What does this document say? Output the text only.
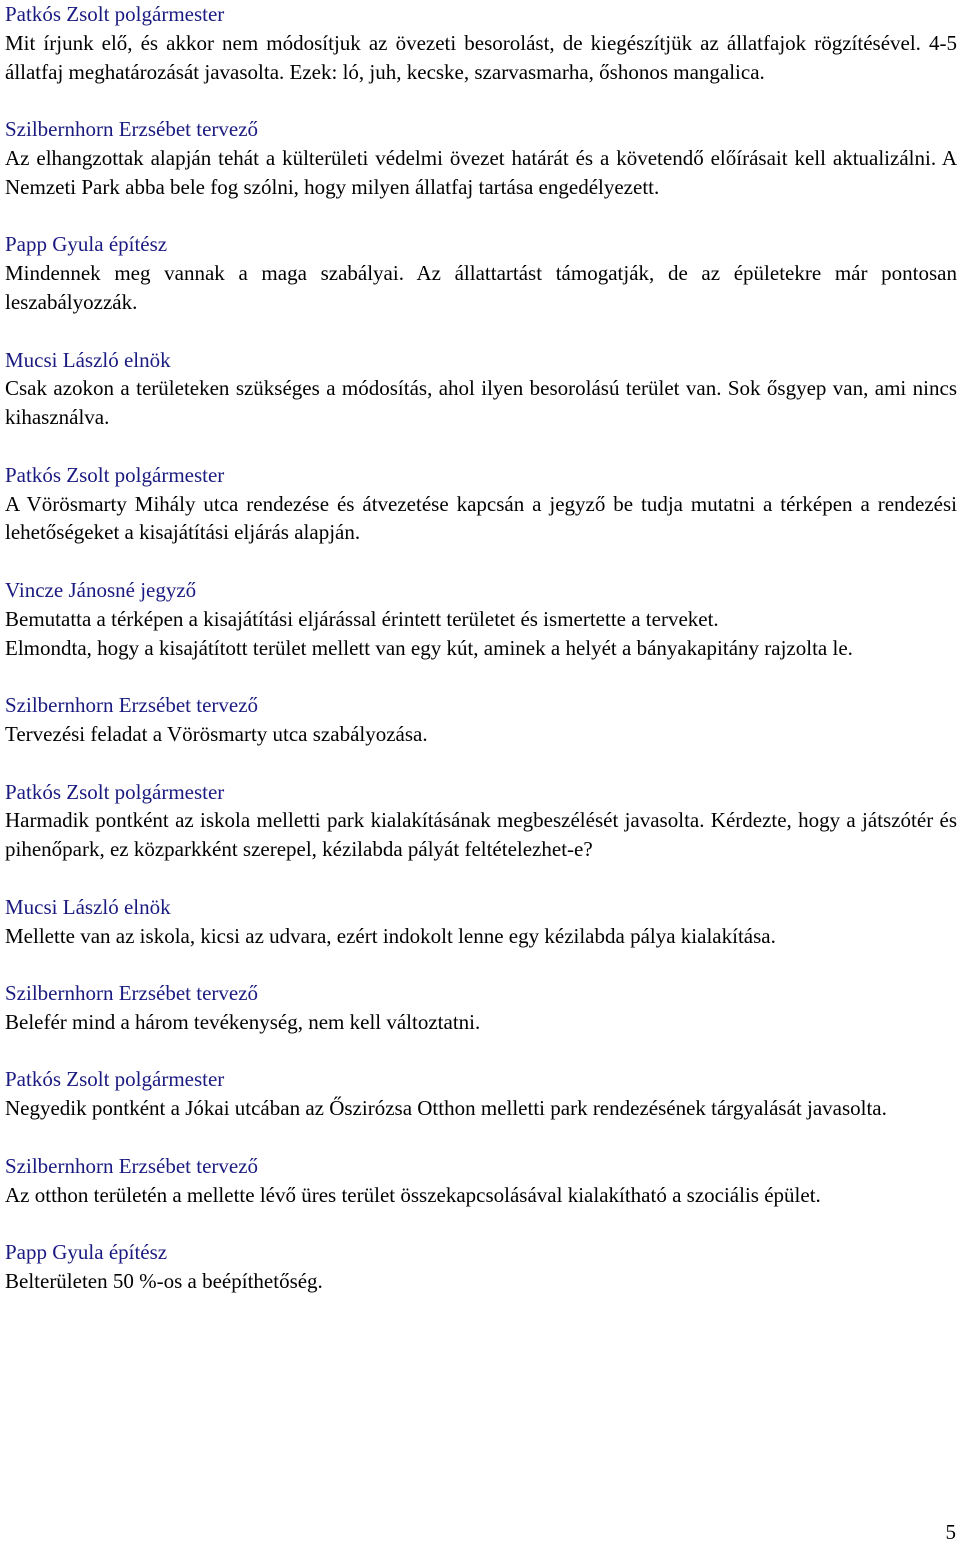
Patkós Zsolt polgármester
Mit írjunk elő, és akkor nem módosítjuk az övezeti besorolást, de kiegészítjük az állatfajok rögzítésével. 4-5 állatfaj meghatározását javasolta. Ezek: ló, juh, kecske, szarvasmarha, őshonos mangalica.
Szilbernhorn Erzsébet tervező
Az elhangzottak alapján tehát a külterületi védelmi övezet határát és a követendő előírásait kell aktualizálni. A Nemzeti Park abba bele fog szólni, hogy milyen állatfaj tartása engedélyezett.
Papp Gyula építész
Mindennek meg vannak a maga szabályai. Az állattartást támogatják, de az épületekre már pontosan leszabályozzák.
Mucsi László elnök
Csak azokon a területeken szükséges a módosítás, ahol ilyen besorolású terület van. Sok ősgyep van, ami nincs kihasználva.
Patkós Zsolt polgármester
A Vörösmarty Mihály utca rendezése és átvezetése kapcsán a jegyző be tudja mutatni a térképen a rendezési lehetőségeket a kisajátítási eljárás alapján.
Vincze Jánosné jegyző
Bemutatta a térképen a kisajátítási eljárással érintett területet és ismertette a terveket.
Elmondta, hogy a kisajátított terület mellett van egy kút, aminek a helyét a bányakapitány rajzolta le.
Szilbernhorn Erzsébet tervező
Tervezési feladat a Vörösmarty utca szabályozása.
Patkós Zsolt polgármester
Harmadik pontként az iskola melletti park kialakításának megbeszélését javasolta. Kérdezte, hogy a játszótér és pihenőpark, ez közparkként szerepel, kézilabda pályát feltételezhet-e?
Mucsi László elnök
Mellette van az iskola, kicsi az udvara, ezért indokolt lenne egy kézilabda pálya kialakítása.
Szilbernhorn Erzsébet tervező
Belefér mind a három tevékenység, nem kell változtatni.
Patkós Zsolt polgármester
Negyedik pontként a Jókai utcában az Őszirózsa Otthon melletti park rendezésének tárgyalását javasolta.
Szilbernhorn Erzsébet tervező
Az otthon területén a mellette lévő üres terület összekapcsolásával kialakítható a szociális épület.
Papp Gyula építész
Belterületen 50 %-os a beépíthetőség.
5
